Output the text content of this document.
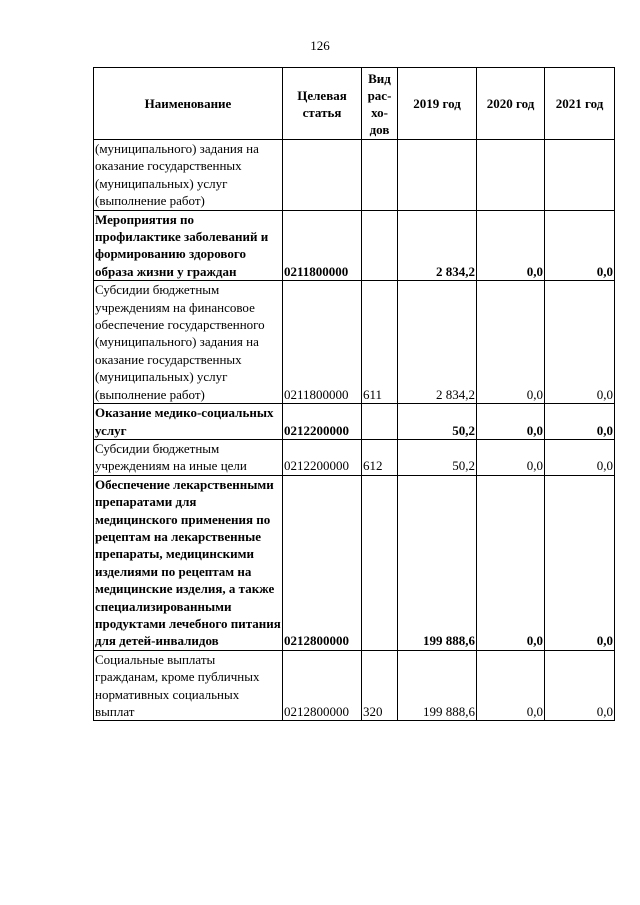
126
Наименование	Целевая статья	Вид рас-хо-дов	2019 год	2020 год	2021 год
(муниципального) задания на оказание государственных (муниципальных) услуг (выполнение работ)					
Мероприятия по профилактике заболеваний и формированию здорового образа жизни у граждан	0211800000		2 834,2	0,0	0,0
Субсидии бюджетным учреждениям на финансовое обеспечение государственного (муниципального) задания на оказание государственных (муниципальных) услуг (выполнение работ)	0211800000	611	2 834,2	0,0	0,0
Оказание медико-социальных услуг	0212200000		50,2	0,0	0,0
Субсидии бюджетным учреждениям на иные цели	0212200000	612	50,2	0,0	0,0
Обеспечение лекарственными препаратами для медицинского применения по рецептам на лекарственные препараты, медицинскими изделиями по рецептам на медицинские изделия, а также специализированными продуктами лечебного питания для детей-инвалидов	0212800000		199 888,6	0,0	0,0
Социальные выплаты гражданам, кроме публичных нормативных социальных выплат	0212800000	320	199 888,6	0,0	0,0
